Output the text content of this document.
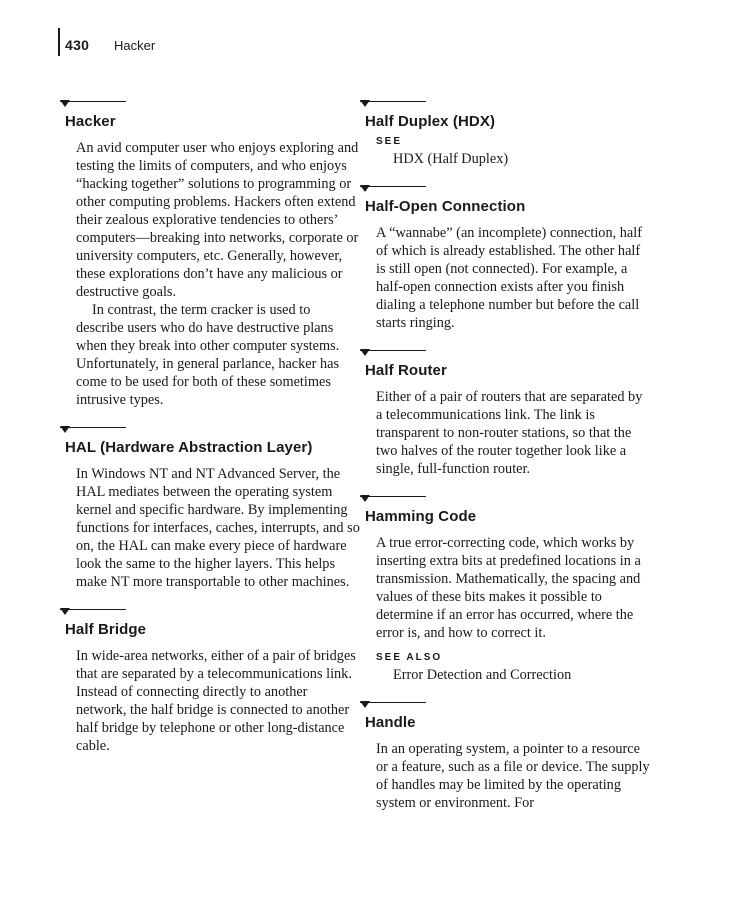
430 Hacker
Hacker

An avid computer user who enjoys exploring and testing the limits of computers, and who enjoys “hacking together” solutions to programming or other computing problems. Hackers often extend their zealous explorative tendencies to others’ computers—breaking into networks, corporate or university computers, etc. Generally, however, these explorations don’t have any malicious or destructive goals.

In contrast, the term cracker is used to describe users who do have destructive plans when they break into other computer systems. Unfortunately, in general parlance, hacker has come to be used for both of these sometimes intrusive types.

HAL (Hardware Abstraction Layer)

In Windows NT and NT Advanced Server, the HAL mediates between the operating system kernel and specific hardware. By implementing functions for interfaces, caches, interrupts, and so on, the HAL can make every piece of hardware look the same to the higher layers. This helps make NT more transportable to other machines.

Half Bridge

In wide-area networks, either of a pair of bridges that are separated by a telecommunications link. Instead of connecting directly to another network, the half bridge is connected to another half bridge by telephone or other long-distance cable.

Half Duplex (HDX)
SEE
HDX (Half Duplex)
Half-Open Connection

A “wannabe” (an incomplete) connection, half of which is already established. The other half is still open (not connected). For example, a half-open connection exists after you finish dialing a telephone number but before the call starts ringing.

Half Router

Either of a pair of routers that are separated by a telecommunications link. The link is transparent to non-router stations, so that the two halves of the router together look like a single, full-function router.

Hamming Code

A true error-correcting code, which works by inserting extra bits at predefined locations in a transmission. Mathematically, the spacing and values of these bits makes it possible to determine if an error has occurred, where the error is, and how to correct it.

SEE ALSO
Error Detection and Correction
Handle

In an operating system, a pointer to a resource or a feature, such as a file or device. The supply of handles may be limited by the operating system or environment. For
